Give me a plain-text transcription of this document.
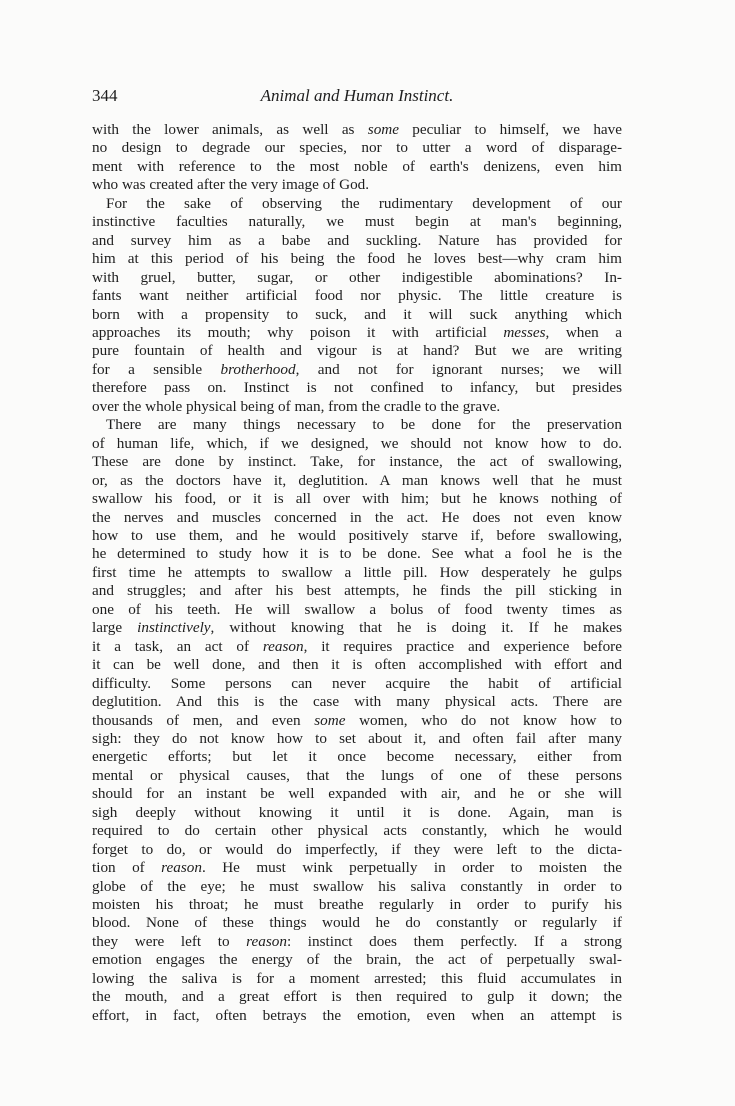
344	Animal and Human Instinct.
with the lower animals, as well as some peculiar to himself, we have
no design to degrade our species, nor to utter a word of disparage-
ment with reference to the most noble of earth's denizens, even him
who was created after the very image of God.
For the sake of observing the rudimentary development of our
instinctive faculties naturally, we must begin at man's beginning,
and survey him as a babe and suckling. Nature has provided for
him at this period of his being the food he loves best—why cram him
with gruel, butter, sugar, or other indigestible abominations? In-
fants want neither artificial food nor physic. The little creature is
born with a propensity to suck, and it will suck anything which
approaches its mouth; why poison it with artificial messes, when a
pure fountain of health and vigour is at hand? But we are writing
for a sensible brotherhood, and not for ignorant nurses; we will
therefore pass on. Instinct is not confined to infancy, but presides
over the whole physical being of man, from the cradle to the grave.
There are many things necessary to be done for the preservation
of human life, which, if we designed, we should not know how to do.
These are done by instinct. Take, for instance, the act of swallowing,
or, as the doctors have it, deglutition. A man knows well that he must
swallow his food, or it is all over with him; but he knows nothing of
the nerves and muscles concerned in the act. He does not even know
how to use them, and he would positively starve if, before swallowing,
he determined to study how it is to be done. See what a fool he is the
first time he attempts to swallow a little pill. How desperately he gulps
and struggles; and after his best attempts, he finds the pill sticking in
one of his teeth. He will swallow a bolus of food twenty times as
large instinctively, without knowing that he is doing it. If he makes
it a task, an act of reason, it requires practice and experience before
it can be well done, and then it is often accomplished with effort and
difficulty. Some persons can never acquire the habit of artificial
deglutition. And this is the case with many physical acts. There are
thousands of men, and even some women, who do not know how to
sigh: they do not know how to set about it, and often fail after many
energetic efforts; but let it once become necessary, either from
mental or physical causes, that the lungs of one of these persons
should for an instant be well expanded with air, and he or she will
sigh deeply without knowing it until it is done. Again, man is
required to do certain other physical acts constantly, which he would
forget to do, or would do imperfectly, if they were left to the dicta-
tion of reason. He must wink perpetually in order to moisten the
globe of the eye; he must swallow his saliva constantly in order to
moisten his throat; he must breathe regularly in order to purify his
blood. None of these things would he do constantly or regularly if
they were left to reason: instinct does them perfectly. If a strong
emotion engages the energy of the brain, the act of perpetually swal-
lowing the saliva is for a moment arrested; this fluid accumulates in
the mouth, and a great effort is then required to gulp it down; the
effort, in fact, often betrays the emotion, even when an attempt is
